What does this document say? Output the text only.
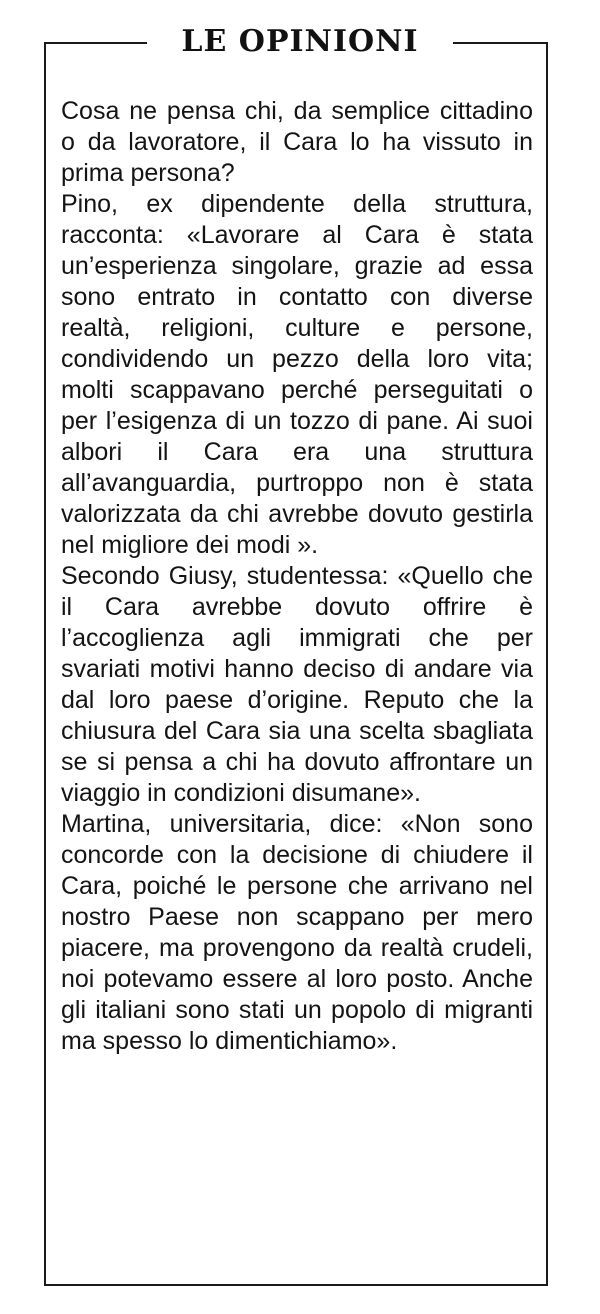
LE OPINIONI

Cosa ne pensa chi, da semplice cittadino o da lavoratore, il Cara lo ha vissuto in prima persona?

Pino, ex dipendente della struttura, racconta: «Lavorare al Cara è stata un’esperienza singolare, grazie ad essa sono entrato in contatto con diverse realtà, religioni, culture e persone, condividendo un pezzo della loro vita; molti scappavano perché perseguitati o per l’esigenza di un tozzo di pane. Ai suoi albori il Cara era una struttura all’avanguardia, purtroppo non è stata valorizzata da chi avrebbe dovuto gestirla nel migliore dei modi ».

Secondo Giusy, studentessa: «Quello che il Cara avrebbe dovuto offrire è l’accoglienza agli immigrati che per svariati motivi hanno deciso di andare via dal loro paese d’origine. Reputo che la chiusura del Cara sia una scelta sbagliata se si pensa a chi ha dovuto affrontare un viaggio in condizioni disumane».

Martina, universitaria, dice: «Non sono concorde con la decisione di chiudere il Cara, poiché le persone che arrivano nel nostro Paese non scappano per mero piacere, ma provengono da realtà crudeli, noi potevamo essere al loro posto. Anche gli italiani sono stati un popolo di migranti ma spesso lo dimentichiamo».
